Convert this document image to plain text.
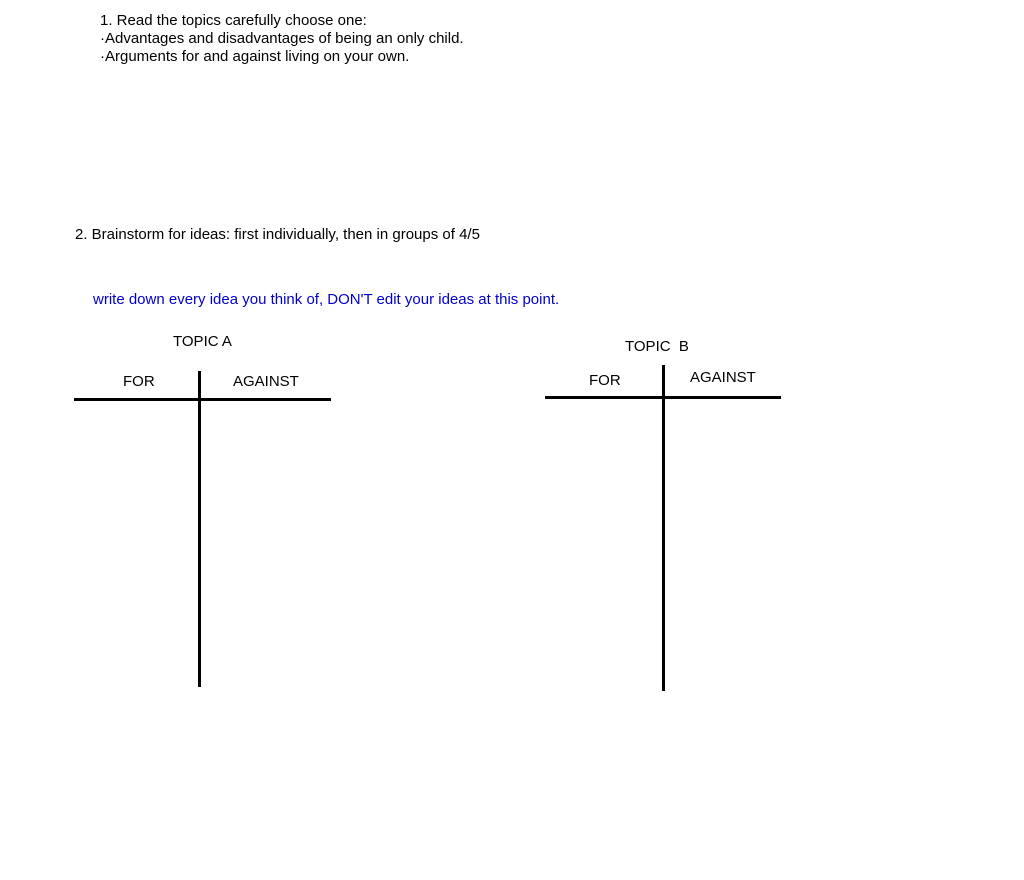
1. Read the topics carefully choose one:
·Advantages and disadvantages of being an only child.
·Arguments for and against living on your own.
2. Brainstorm for ideas: first individually, then in groups of 4/5
write down every idea you think of, DON'T edit your ideas at this point.
TOPIC A
FOR	AGAINST
TOPIC  B
FOR	AGAINST
